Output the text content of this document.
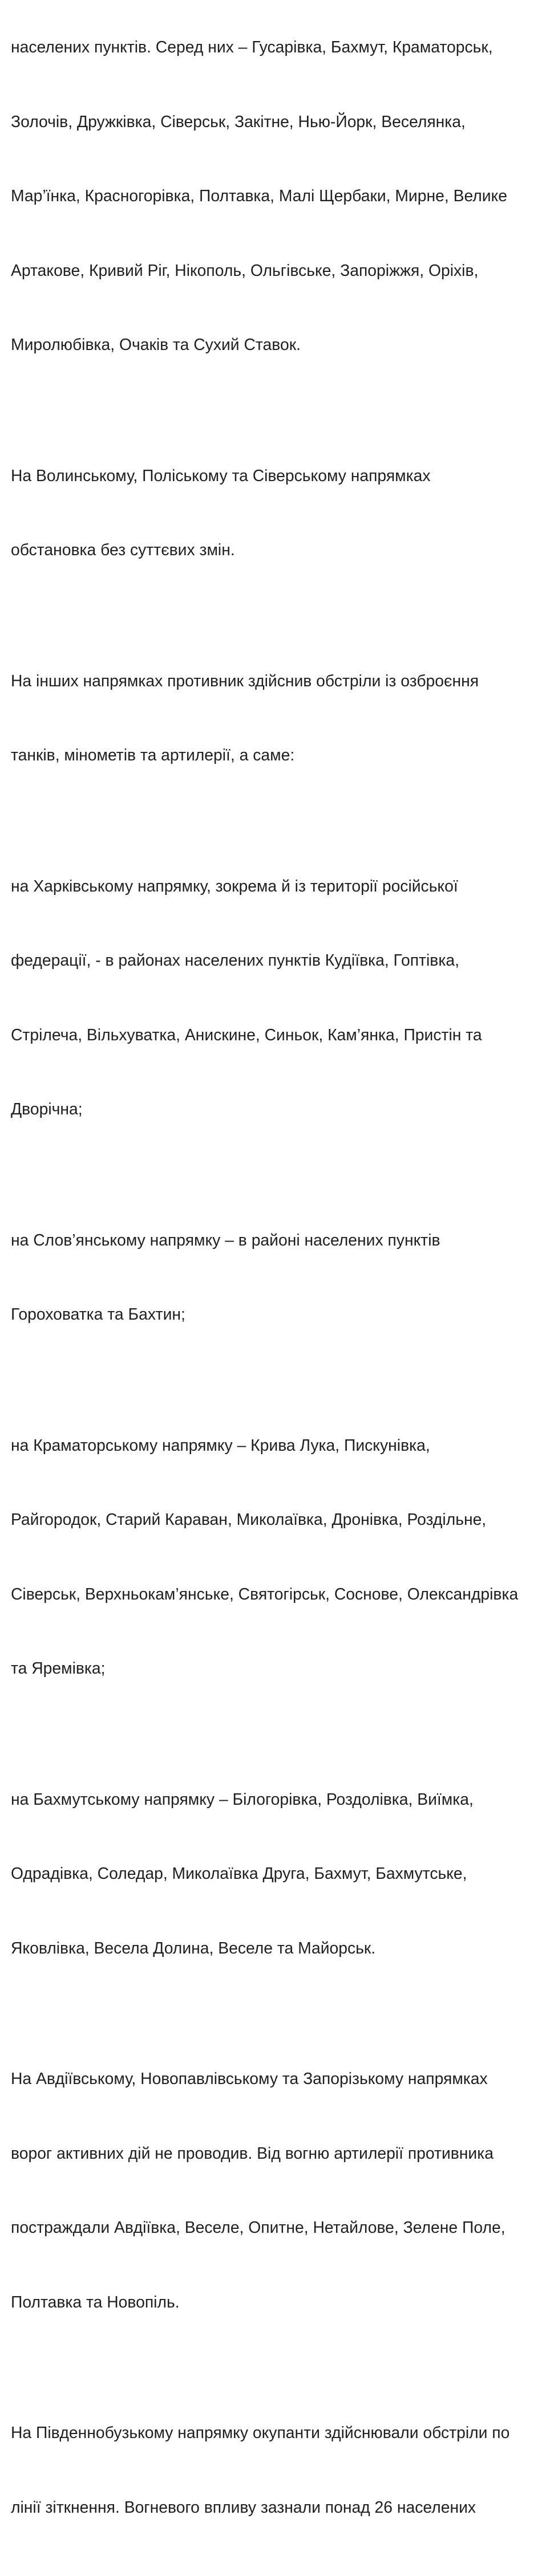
населених пунктів. Серед них – Гусарівка, Бахмут, Краматорськ,

Золочів, Дружківка, Сіверськ, Закітне, Нью-Йорк, Веселянка,

Мар’їнка, Красногорівка, Полтавка, Малі Щербаки, Мирне, Велике

Артакове, Кривий Ріг, Нікополь, Ольгівське, Запоріжжя, Оріхів,

Миролюбівка, Очаків та Сухий Ставок.

На Волинському, Поліському та Сіверському напрямках

обстановка без суттєвих змін.

На інших напрямках противник здійснив обстріли із озброєння

танків, мінометів та артилерії, а саме:

на Харківському напрямку, зокрема й із території російської

федерації, - в районах населених пунктів Кудіївка, Гоптівка,

Стрілеча, Вільхуватка, Анискине, Синьок, Кам’янка, Пристін та

Дворічна;

на Слов’янському напрямку – в районі населених пунктів

Гороховатка та Бахтин;

на Краматорському напрямку – Крива Лука, Пискунівка,

Райгородок, Старий Караван, Миколаївка, Дронівка, Роздільне,

Сіверськ, Верхньокам’янське, Святогірськ, Соснове, Олександрівка

та Яремівка;

на Бахмутському напрямку – Білогорівка, Роздолівка, Виїмка,

Одрадівка, Соледар, Миколаївка Друга, Бахмут, Бахмутське,

Яковлівка, Весела Долина, Веселе та Майорськ.

На Авдіївському, Новопавлівському та Запорізькому напрямках

ворог активних дій не проводив. Від вогню артилерії противника

постраждали Авдіївка, Веселе, Опитне, Нетайлове, Зелене Поле,

Полтавка та Новопіль.

На Південнобузькому напрямку окупанти здійснювали обстріли по

лінії зіткнення. Вогневого впливу зазнали понад 26 населених
